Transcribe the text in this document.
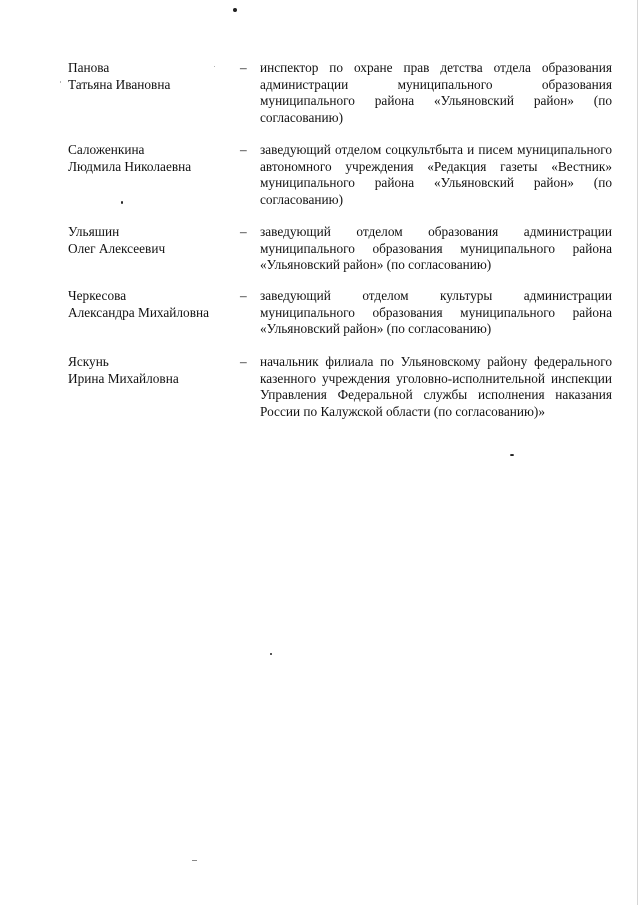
Панова
Татьяна Ивановна
– инспектор по охране прав детства отдела образования администрации муниципального образования муниципального района «Ульяновский район» (по согласованию)
Саложенкина
Людмила Николаевна
– заведующий отделом соцкультбыта и писем муниципального автономного учреждения «Редакция газеты «Вестник» муниципального района «Ульяновский район» (по согласованию)
Ульяшин
Олег Алексеевич
– заведующий отделом образования администрации муниципального образования муниципального района «Ульяновский район» (по согласованию)
Черкесова
Александра Михайловна
– заведующий отделом культуры администрации муниципального образования муниципального района «Ульяновский район» (по согласованию)
Яскунь
Ирина Михайловна
– начальник филиала по Ульяновскому району федерального казенного учреждения уголовно-исполнительной инспекции Управления Федеральной службы исполнения наказания России по Калужской области (по согласованию)»
